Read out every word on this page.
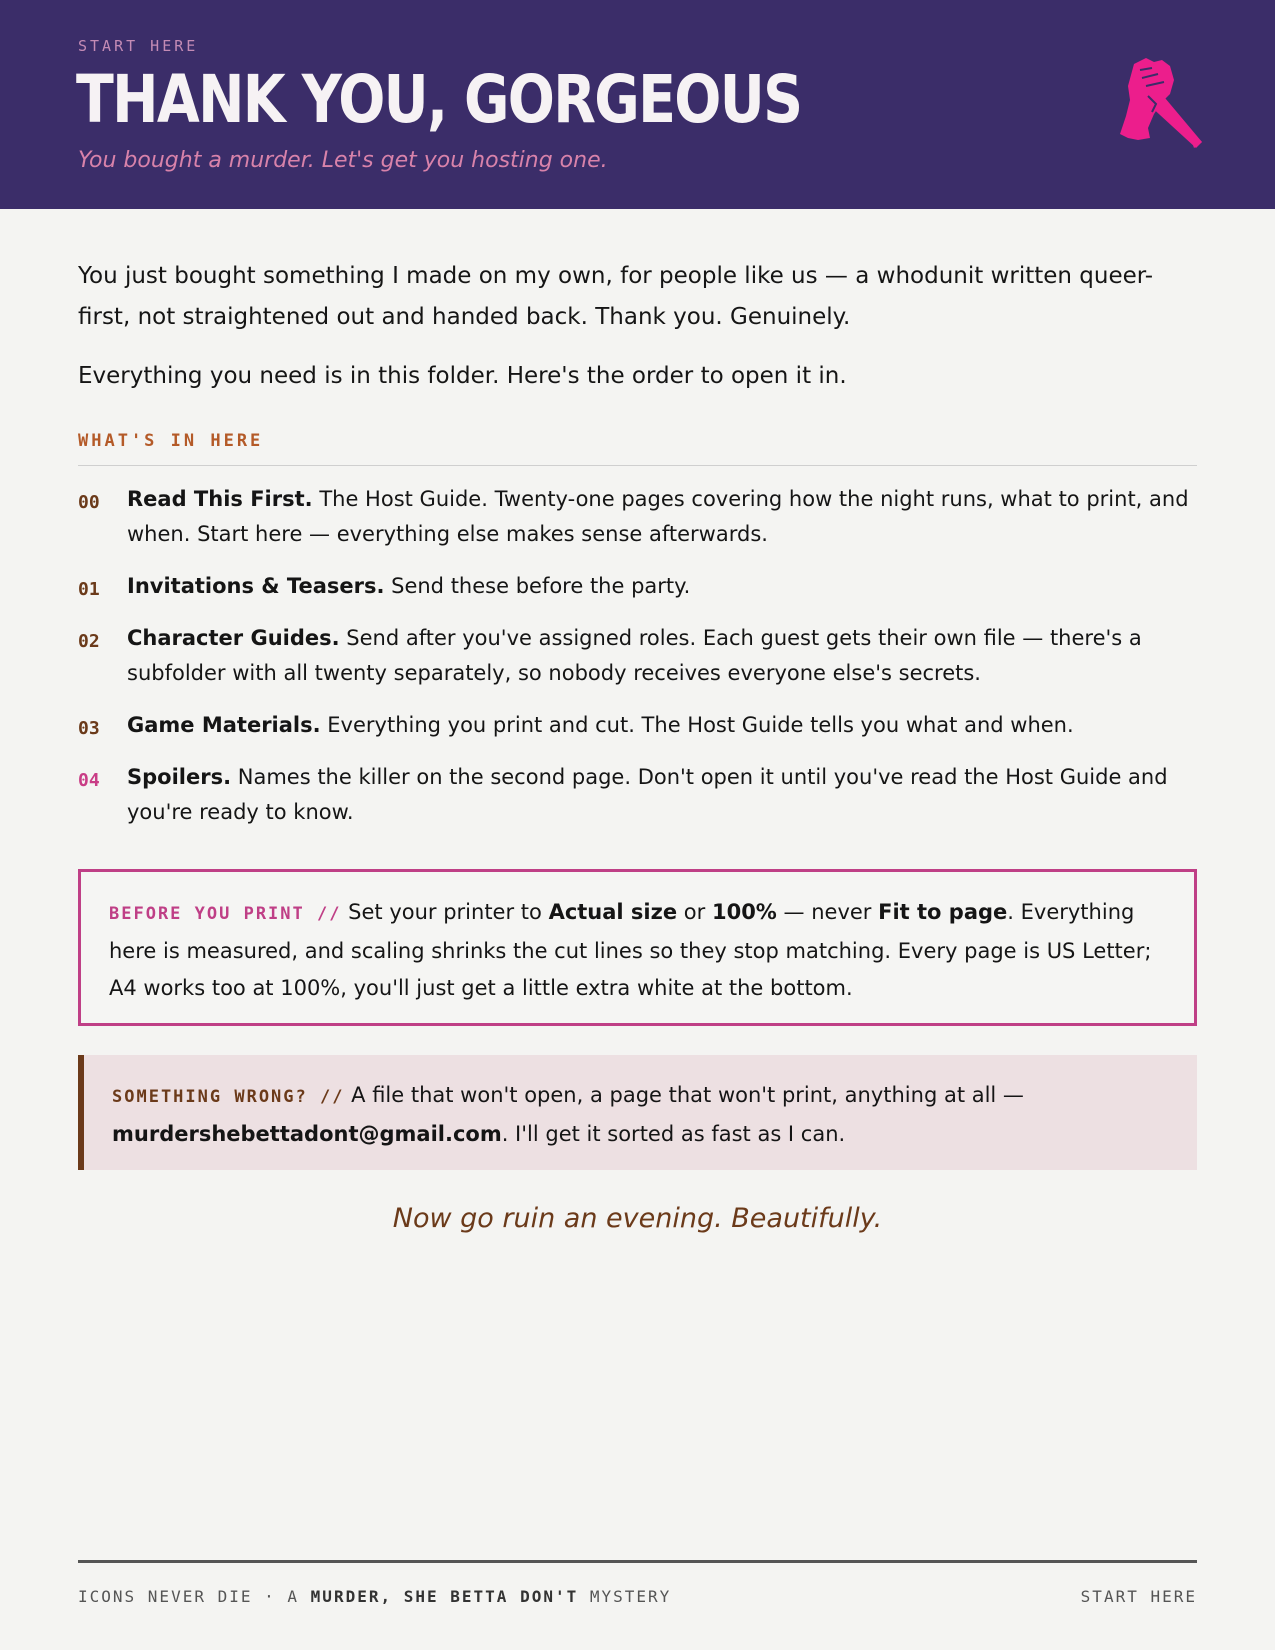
START HERE
THANK YOU, GORGEOUS
You bought a murder. Let's get you hosting one.

You just bought something I made on my own, for people like us — a whodunit written queer-first, not straightened out and handed back. Thank you. Genuinely.

Everything you need is in this folder. Here's the order to open it in.

WHAT'S IN HERE
00 Read This First. The Host Guide. Twenty-one pages covering how the night runs, what to print, and when. Start here — everything else makes sense afterwards.
01 Invitations & Teasers. Send these before the party.
02 Character Guides. Send after you've assigned roles. Each guest gets their own file — there's a subfolder with all twenty separately, so nobody receives everyone else's secrets.
03 Game Materials. Everything you print and cut. The Host Guide tells you what and when.
04 Spoilers. Names the killer on the second page. Don't open it until you've read the Host Guide and you're ready to know.
BEFORE YOU PRINT // Set your printer to Actual size or 100% — never Fit to page. Everything here is measured, and scaling shrinks the cut lines so they stop matching. Every page is US Letter; A4 works too at 100%, you'll just get a little extra white at the bottom.
SOMETHING WRONG? // A file that won't open, a page that won't print, anything at all — murdershebettadont@gmail.com. I'll get it sorted as fast as I can.
Now go ruin an evening. Beautifully.
ICONS NEVER DIE · A MURDER, SHE BETTA DON'T MYSTERY	START HERE
